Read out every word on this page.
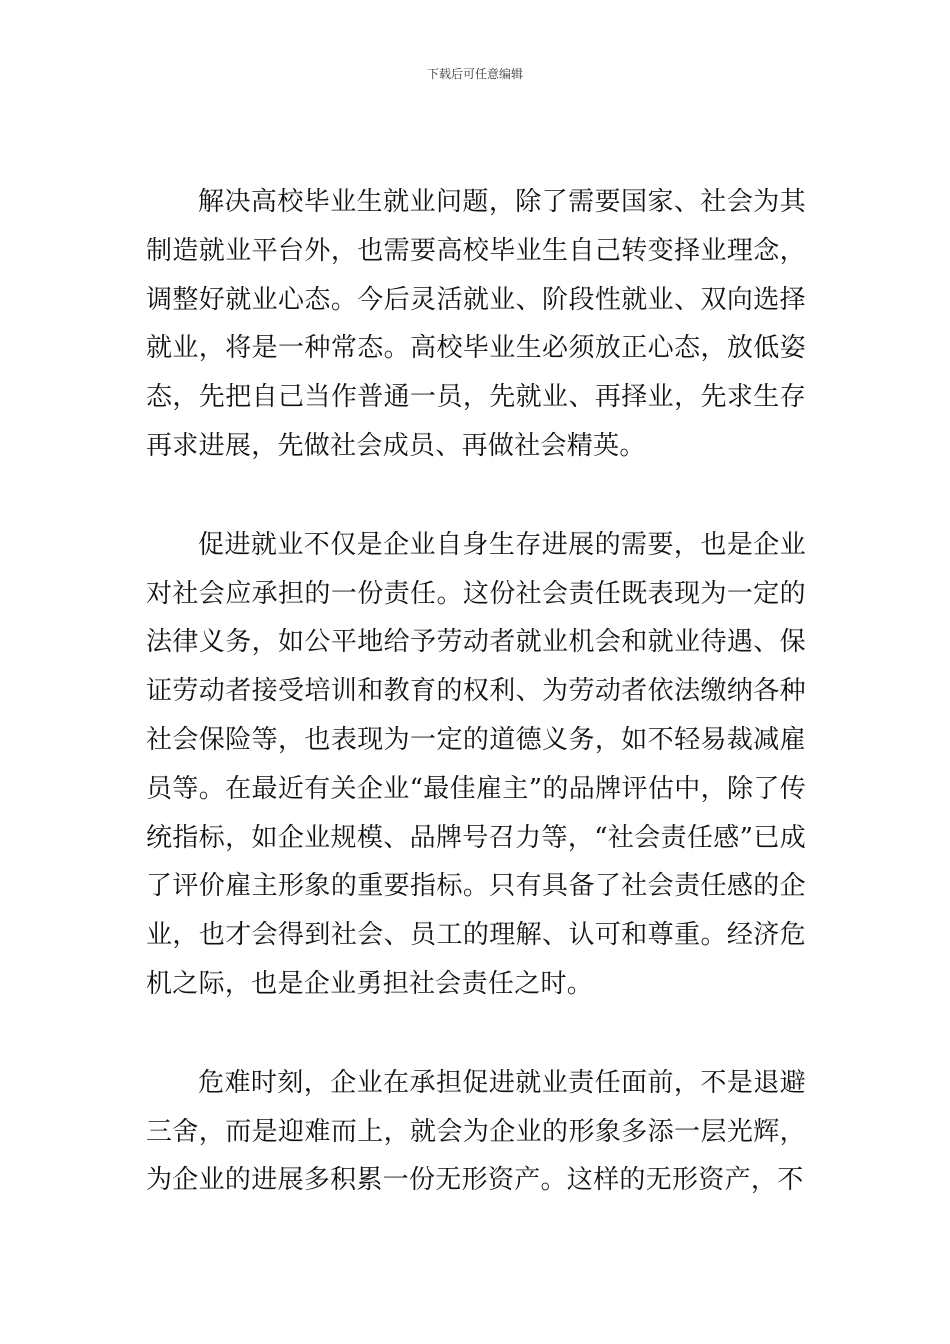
下载后可任意编辑

解决高校毕业生就业问题，除了需要国家、社会为其制造就业平台外，也需要高校毕业生自己转变择业理念，调整好就业心态。今后灵活就业、阶段性就业、双向选择就业，将是一种常态。高校毕业生必须放正心态，放低姿态，先把自己当作普通一员，先就业、再择业，先求生存再求进展，先做社会成员、再做社会精英。

促进就业不仅是企业自身生存进展的需要，也是企业对社会应承担的一份责任。这份社会责任既表现为一定的法律义务，如公平地给予劳动者就业机会和就业待遇、保证劳动者接受培训和教育的权利、为劳动者依法缴纳各种社会保险等，也表现为一定的道德义务，如不轻易裁减雇员等。在最近有关企业“最佳雇主”的品牌评估中，除了传统指标，如企业规模、品牌号召力等，“社会责任感”已成了评价雇主形象的重要指标。只有具备了社会责任感的企业，也才会得到社会、员工的理解、认可和尊重。经济危机之际，也是企业勇担社会责任之时。

危难时刻，企业在承担促进就业责任面前，不是退避三舍，而是迎难而上，就会为企业的形象多添一层光辉，为企业的进展多积累一份无形资产。这样的无形资产，不
